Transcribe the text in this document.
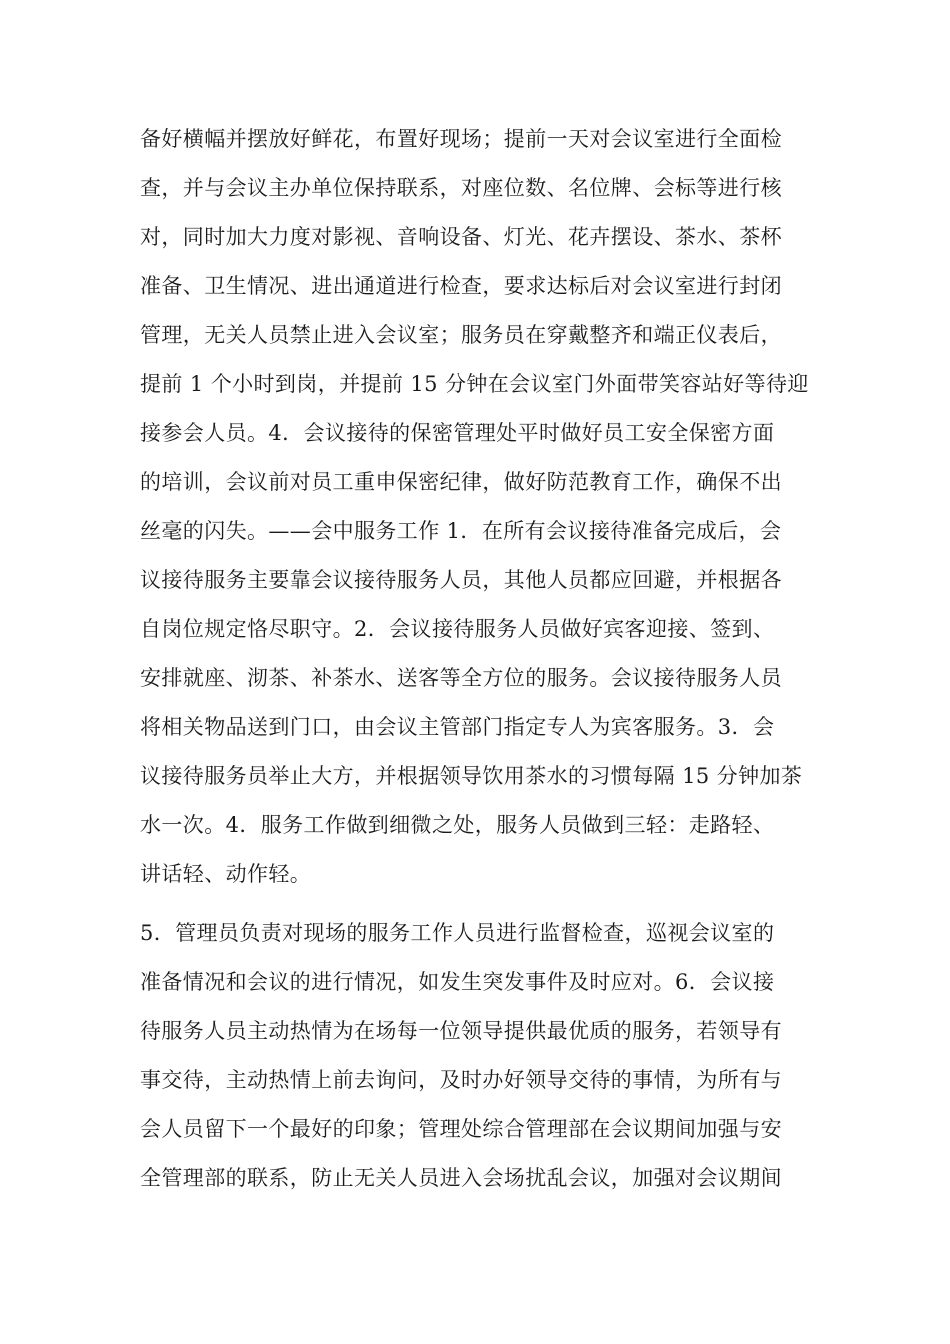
备好横幅并摆放好鲜花，布置好现场；提前一天对会议室进行全面检
查，并与会议主办单位保持联系，对座位数、名位牌、会标等进行核
对，同时加大力度对影视、音响设备、灯光、花卉摆设、茶水、茶杯
准备、卫生情况、进出通道进行检查，要求达标后对会议室进行封闭
管理，无关人员禁止进入会议室；服务员在穿戴整齐和端正仪表后，
提前 1 个小时到岗，并提前 15 分钟在会议室门外面带笑容站好等待迎
接参会人员。4．会议接待的保密管理处平时做好员工安全保密方面
的培训，会议前对员工重申保密纪律，做好防范教育工作，确保不出
丝毫的闪失。——会中服务工作 1．在所有会议接待准备完成后，会
议接待服务主要靠会议接待服务人员，其他人员都应回避，并根据各
自岗位规定恪尽职守。2．会议接待服务人员做好宾客迎接、签到、
安排就座、沏茶、补茶水、送客等全方位的服务。会议接待服务人员
将相关物品送到门口，由会议主管部门指定专人为宾客服务。3．会
议接待服务员举止大方，并根据领导饮用茶水的习惯每隔 15 分钟加茶
水一次。4．服务工作做到细微之处，服务人员做到三轻：走路轻、
讲话轻、动作轻。
5．管理员负责对现场的服务工作人员进行监督检查，巡视会议室的
准备情况和会议的进行情况，如发生突发事件及时应对。6．会议接
待服务人员主动热情为在场每一位领导提供最优质的服务，若领导有
事交待，主动热情上前去询问，及时办好领导交待的事情，为所有与
会人员留下一个最好的印象；管理处综合管理部在会议期间加强与安
全管理部的联系，防止无关人员进入会场扰乱会议，加强对会议期间
